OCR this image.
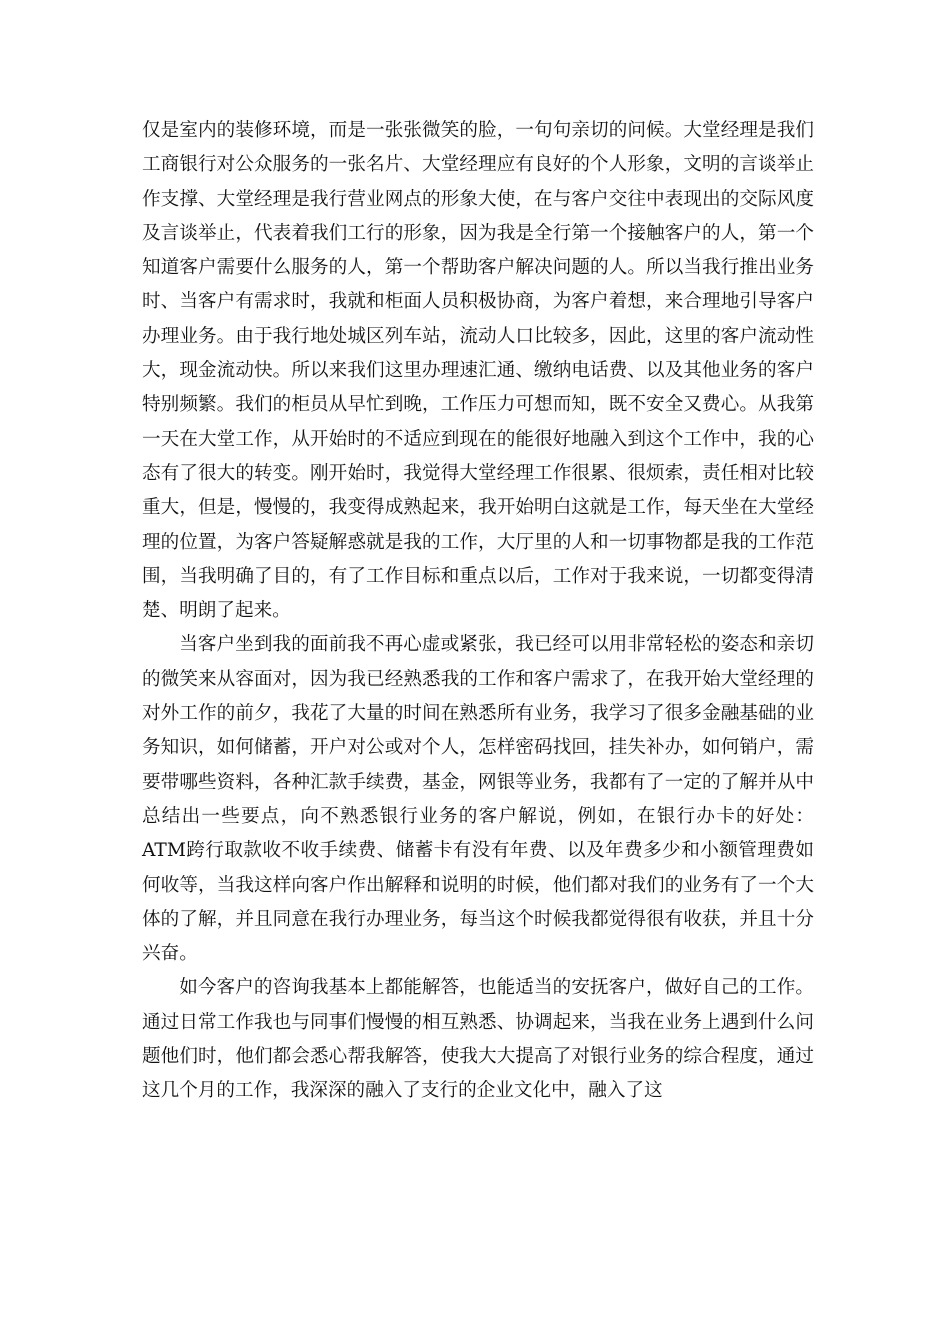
仅是室内的装修环境，而是一张张微笑的脸，一句句亲切的问候。大堂经理是我们工商银行对公众服务的一张名片、大堂经理应有良好的个人形象，文明的言谈举止作支撑、大堂经理是我行营业网点的形象大使，在与客户交往中表现出的交际风度及言谈举止，代表着我们工行的形象，因为我是全行第一个接触客户的人，第一个知道客户需要什么服务的人，第一个帮助客户解决问题的人。所以当我行推出业务时、当客户有需求时，我就和柜面人员积极协商，为客户着想，来合理地引导客户办理业务。由于我行地处城区列车站，流动人口比较多，因此，这里的客户流动性大，现金流动快。所以来我们这里办理速汇通、缴纳电话费、以及其他业务的客户特别频繁。我们的柜员从早忙到晚，工作压力可想而知，既不安全又费心。从我第一天在大堂工作，从开始时的不适应到现在的能很好地融入到这个工作中，我的心态有了很大的转变。刚开始时，我觉得大堂经理工作很累、很烦索，责任相对比较重大，但是，慢慢的，我变得成熟起来，我开始明白这就是工作，每天坐在大堂经理的位置，为客户答疑解惑就是我的工作，大厅里的人和一切事物都是我的工作范围，当我明确了目的，有了工作目标和重点以后，工作对于我来说，一切都变得清楚、明朗了起来。

当客户坐到我的面前我不再心虚或紧张，我已经可以用非常轻松的姿态和亲切的微笑来从容面对，因为我已经熟悉我的工作和客户需求了，在我开始大堂经理的对外工作的前夕，我花了大量的时间在熟悉所有业务，我学习了很多金融基础的业务知识，如何储蓄，开户对公或对个人，怎样密码找回，挂失补办，如何销户，需要带哪些资料，各种汇款手续费，基金，网银等业务，我都有了一定的了解并从中总结出一些要点，向不熟悉银行业务的客户解说，例如，在银行办卡的好处：ATM跨行取款收不收手续费、储蓄卡有没有年费、以及年费多少和小额管理费如何收等，当我这样向客户作出解释和说明的时候，他们都对我们的业务有了一个大体的了解，并且同意在我行办理业务，每当这个时候我都觉得很有收获，并且十分兴奋。

如今客户的咨询我基本上都能解答，也能适当的安抚客户，做好自己的工作。通过日常工作我也与同事们慢慢的相互熟悉、协调起来，当我在业务上遇到什么问题他们时，他们都会悉心帮我解答，使我大大提高了对银行业务的综合程度，通过这几个月的工作，我深深的融入了支行的企业文化中，融入了这
